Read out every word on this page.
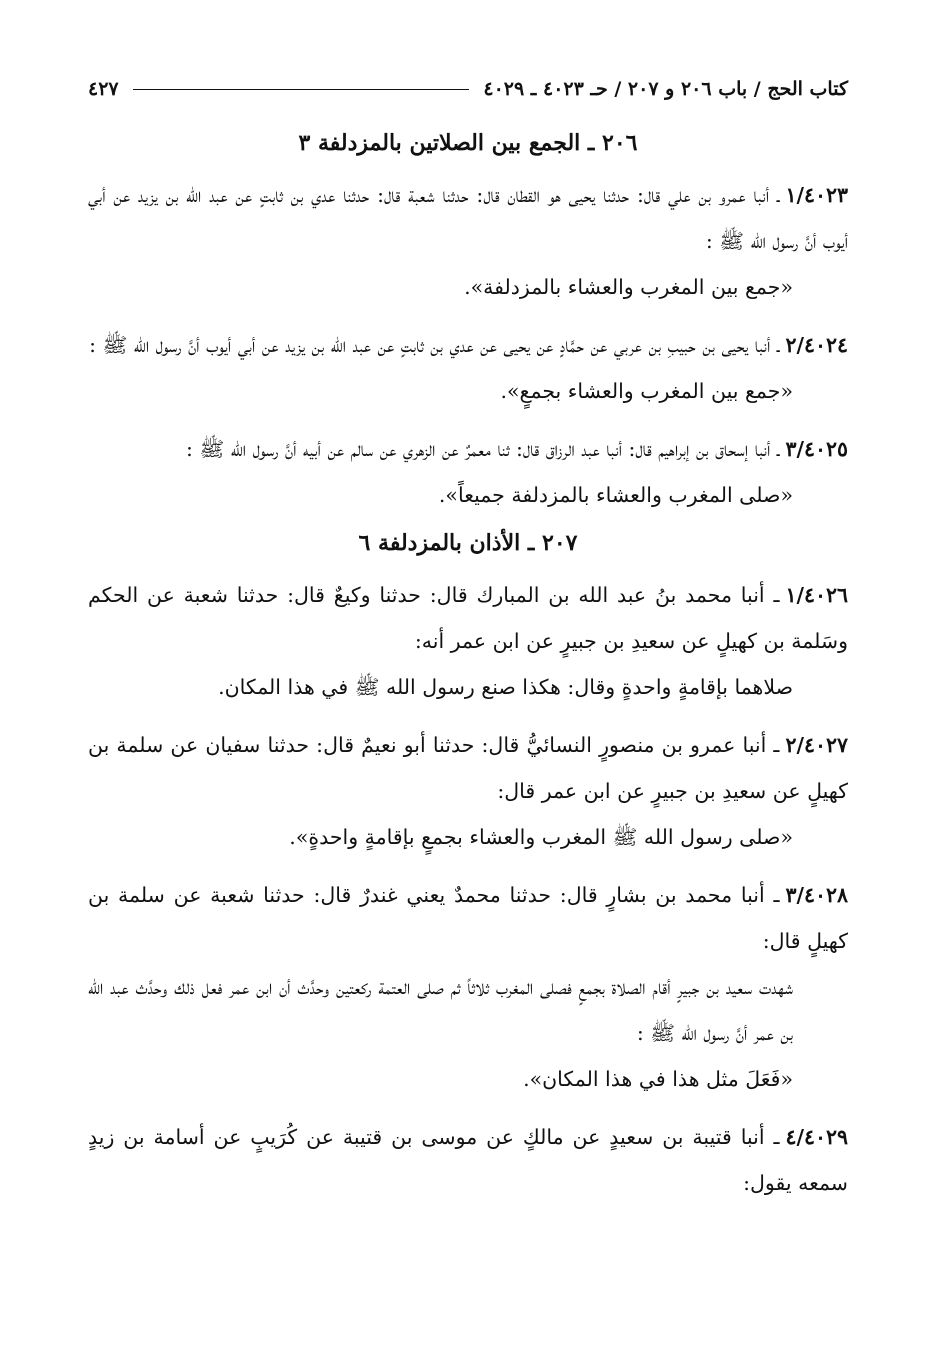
كتاب الحج / باب ٢٠٦ و ٢٠٧ / حـ ٤٠٢٣ ـ ٤٠٢٩
٤٢٧
٢٠٦ ـ الجمع بين الصلاتين بالمزدلفة ٣

١/٤٠٢٣ـ أنبا عمرو بن علي قال: حدثنا يحيى هو القطان قال: حدثنا شعبة قال: حدثنا عدي بن ثابتٍ عن عبد الله بن يزيد عن أبي أيوب أنَّ رسول الله ﷺ :

«جمع بين المغرب والعشاء بالمزدلفة».

٢/٤٠٢٤ـ أنبا يحيى بن حبيبِ بن عربي عن حمَّادٍ عن يحيى عن عدي بن ثابتٍ عن عبد الله بن يزيد عن أبي أيوب أنَّ رسول الله ﷺ :

«جمع بين المغرب والعشاء بجمعٍ».

٣/٤٠٢٥ـ أنبا إسحاق بن إبراهيم قال: أنبا عبد الرزاق قال: ثنا معمرٌ عن الزهري عن سالم عن أبيه أنَّ رسول الله ﷺ :

«صلى المغرب والعشاء بالمزدلفة جميعاً».

٢٠٧ ـ الأذان بالمزدلفة ٦

١/٤٠٢٦ـ أنبا محمد بنُ عبد الله بن المبارك قال: حدثنا وكيعٌ قال: حدثنا شعبة عن الحكم وسَلمة بن كهيلٍ عن سعيدِ بن جبيرٍ عن ابن عمر أنه:

صلاهما بإقامةٍ واحدةٍ وقال: هكذا صنع رسول الله ﷺ في هذا المكان.

٢/٤٠٢٧ـ أنبا عمرو بن منصورٍ النسائيُّ قال: حدثنا أبو نعيمٌ قال: حدثنا سفيان عن سلمة بن كهيلٍ عن سعيدِ بن جبيرٍ عن ابن عمر قال:

«صلى رسول الله ﷺ المغرب والعشاء بجمعٍ بإقامةٍ واحدةٍ».

٣/٤٠٢٨ـ أنبا محمد بن بشارٍ قال: حدثنا محمدٌ يعني غندرٌ قال: حدثنا شعبة عن سلمة بن كهيلٍ قال:

شهدت سعيد بن جبيرٍ أقام الصلاة بجمعٍ فصلى المغرب ثلاثاً ثم صلى العتمة ركعتين وحدَّث أن ابن عمر فعل ذلك وحدَّث عبد الله بن عمر أنَّ رسول الله ﷺ :

«فَعَلَ مثل هذا في هذا المكان».

٤/٤٠٢٩ـ أنبا قتيبة بن سعيدٍ عن مالكٍ عن موسى بن قتيبة عن كُرَيبٍ عن أسامة بن زيدٍ سمعه يقول:
